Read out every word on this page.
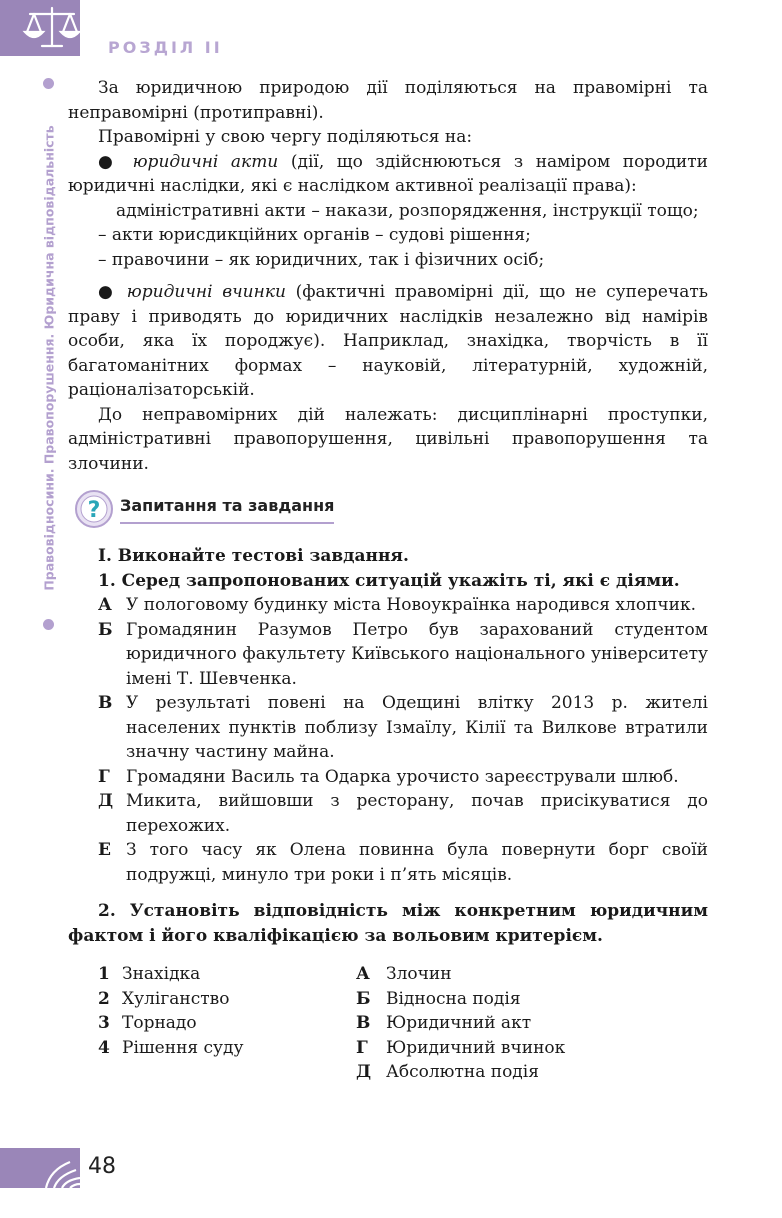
РОЗДІЛ ІІ
Правовідносини. Правопорушення. Юридична відповідальність

За юридичною природою дії поділяються на правомірні та неправомірні (протиправні).

Правомірні у свою чергу поділяються на:

● юридичні акти (дії, що здійснюються з наміром породити юридичні наслідки, які є наслідком активної реалізації права):

адміністративні акти – накази, розпорядження, інструкції тощо;

– акти юрисдикційних органів – судові рішення;

– правочини – як юридичних, так і фізичних осіб;

● юридичні вчинки (фактичні правомірні дії, що не суперечать праву і приводять до юридичних наслідків незалежно від намірів особи, яка їх породжує). Наприклад, знахідка, творчість в її багатоманітних формах – науковій, літературній, художній, раціоналізаторській.

До неправомірних дій належать: дисциплінарні проступки, адміністративні правопорушення, цивільні правопорушення та злочини.

? Запитання та завдання

І. Виконайте тестові завдання.

1. Серед запропонованих ситуацій укажіть ті, які є діями.

А У пологовому будинку міста Новоукраїнка народився хлопчик.
Б Громадянин Разумов Петро був зарахований студентом юридичного факультету Київського національного університету імені Т. Шевченка.
В У результаті повені на Одещині влітку 2013 р. жителі населених пунктів поблизу Ізмаїлу, Кілії та Вилкове втратили значну частину майна.
Г Громадяни Василь та Одарка урочисто зареєстрували шлюб.
Д Микита, вийшовши з ресторану, почав присікуватися до перехожих.
Е З того часу як Олена повинна була повернути борг своїй подружці, минуло три роки і п’ять місяців.

2. Установіть відповідність між конкретним юридичним фактом і його кваліфікацією за вольовим критерієм.

1 Знахідка
2 Хуліганство
3 Торнадо
4 Рішення суду
А Злочин
Б Відносна подія
В Юридичний акт
Г	Юридичний вчинок
Д Абсолютна подія
48
